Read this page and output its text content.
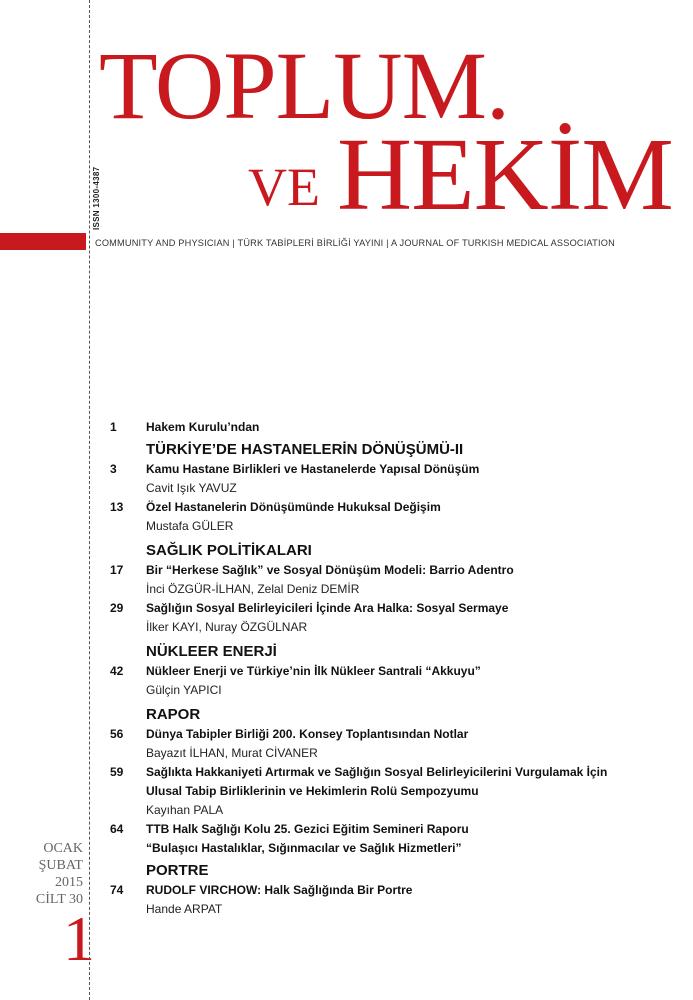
ISSN 1300-4387
TOPLUM.
VE HEKİM
COMMUNITY AND PHYSICIAN | TÜRK TABİPLERİ BİRLİĞİ YAYINI | A JOURNAL OF TURKISH MEDICAL ASSOCIATION
OCAK
ŞUBAT
2015
CİLT 30
1
1	Hakem Kurulu’ndan
TÜRKİYE’DE HASTANELERİN DÖNÜŞÜMÜ-II
3	Kamu Hastane Birlikleri ve Hastanelerde Yapısal Dönüşüm
Cavit Işık YAVUZ
13	Özel Hastanelerin Dönüşümünde Hukuksal Değişim
Mustafa GÜLER
SAĞLIK POLİTİKALARI
17	Bir “Herkese Sağlık” ve Sosyal Dönüşüm Modeli: Barrio Adentro
İnci ÖZGÜR-İLHAN, Zelal Deniz DEMİR
29	Sağlığın Sosyal Belirleyicileri İçinde Ara Halka: Sosyal Sermaye
İlker KAYI, Nuray ÖZGÜLNAR
NÜKLEER ENERJİ
42	Nükleer Enerji ve Türkiye’nin İlk Nükleer Santrali “Akkuyu”
Gülçin YAPICI
RAPOR
56	Dünya Tabipler Birliği 200. Konsey Toplantısından Notlar
Bayazıt İLHAN, Murat CİVANER
59	Sağlıkta Hakkaniyeti Artırmak ve Sağlığın Sosyal Belirleyicilerini Vurgulamak İçin
Ulusal Tabip Birliklerinin ve Hekimlerin Rolü Sempozyumu
Kayıhan PALA
64	TTB Halk Sağlığı Kolu 25. Gezici Eğitim Semineri Raporu
“Bulaşıcı Hastalıklar, Sığınmacılar ve Sağlık Hizmetleri”
PORTRE
74	RUDOLF VIRCHOW: Halk Sağlığında Bir Portre
Hande ARPAT
